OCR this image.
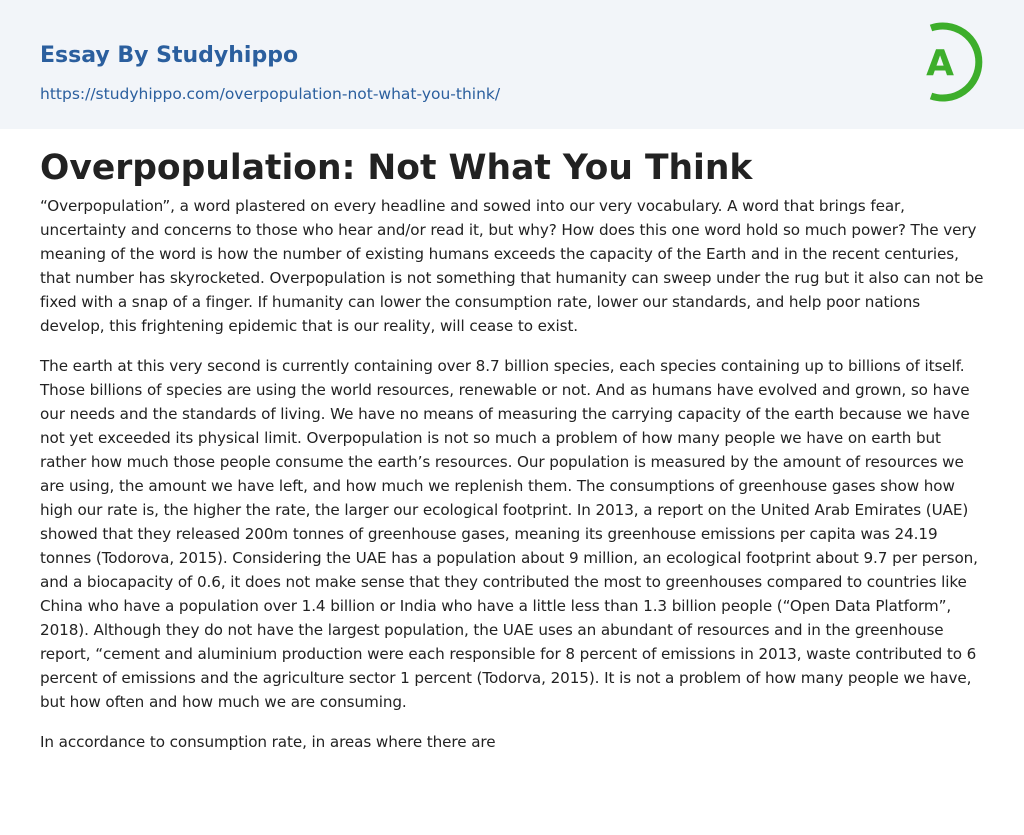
Essay By Studyhippo
https://studyhippo.com/overpopulation-not-what-you-think/
A
Overpopulation: Not What You Think

“Overpopulation”, a word plastered on every headline and sowed into our very vocabulary. A word that brings fear, uncertainty and concerns to those who hear and/or read it, but why? How does this one word hold so much power? The very meaning of the word is how the number of existing humans exceeds the capacity of the Earth and in the recent centuries, that number has skyrocketed. Overpopulation is not something that humanity can sweep under the rug but it also can not be fixed with a snap of a finger. If humanity can lower the consumption rate, lower our standards, and help poor nations develop, this frightening epidemic that is our reality, will cease to exist.

The earth at this very second is currently containing over 8.7 billion species, each species containing up to billions of itself. Those billions of species are using the world resources, renewable or not. And as humans have evolved and grown, so have our needs and the standards of living. We have no means of measuring the carrying capacity of the earth because we have not yet exceeded its physical limit. Overpopulation is not so much a problem of how many people we have on earth but rather how much those people consume the earth’s resources. Our population is measured by the amount of resources we are using, the amount we have left, and how much we replenish them. The consumptions of greenhouse gases show how high our rate is, the higher the rate, the larger our ecological footprint. In 2013, a report on the United Arab Emirates (UAE) showed that they released 200m tonnes of greenhouse gases, meaning its greenhouse emissions per capita was 24.19 tonnes (Todorova, 2015). Considering the UAE has a population about 9 million, an ecological footprint about 9.7 per person, and a biocapacity of 0.6, it does not make sense that they contributed the most to greenhouses compared to countries like China who have a population over 1.4 billion or India who have a little less than 1.3 billion people (“Open Data Platform”, 2018). Although they do not have the largest population, the UAE uses an abundant of resources and in the greenhouse report, “cement and aluminium production were each responsible for 8 percent of emissions in 2013, waste contributed to 6 percent of emissions and the agriculture sector 1 percent (Todorva, 2015). It is not a problem of how many people we have, but how often and how much we are consuming.

In accordance to consumption rate, in areas where there are
